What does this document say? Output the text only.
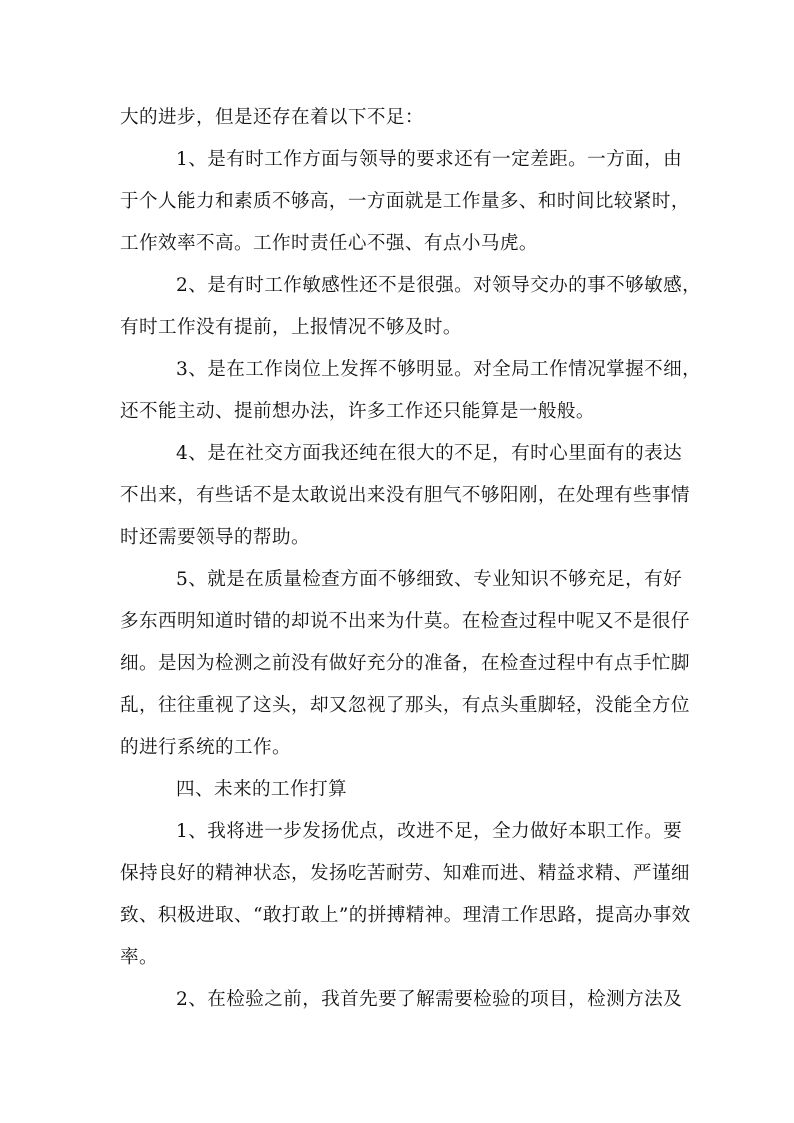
大的进步，但是还存在着以下不足：
1、是有时工作方面与领导的要求还有一定差距。一方面，由
于个人能力和素质不够高，一方面就是工作量多、和时间比较紧时，
工作效率不高。工作时责任心不强、有点小马虎。
2、是有时工作敏感性还不是很强。对领导交办的事不够敏感，
有时工作没有提前，上报情况不够及时。
3、是在工作岗位上发挥不够明显。对全局工作情况掌握不细，
还不能主动、提前想办法，许多工作还只能算是一般般。
4、是在社交方面我还纯在很大的不足，有时心里面有的表达
不出来，有些话不是太敢说出来没有胆气不够阳刚，在处理有些事情
时还需要领导的帮助。
5、就是在质量检查方面不够细致、专业知识不够充足，有好
多东西明知道时错的却说不出来为什莫。在检查过程中呢又不是很仔
细。是因为检测之前没有做好充分的准备，在检查过程中有点手忙脚
乱，往往重视了这头，却又忽视了那头，有点头重脚轻，没能全方位
的进行系统的工作。
四、未来的工作打算
1、我将进一步发扬优点，改进不足，全力做好本职工作。要
保持良好的精神状态，发扬吃苦耐劳、知难而进、精益求精、严谨细
致、积极进取、“敢打敢上”的拼搏精神。理清工作思路，提高办事效
率。
2、在检验之前，我首先要了解需要检验的项目，检测方法及
